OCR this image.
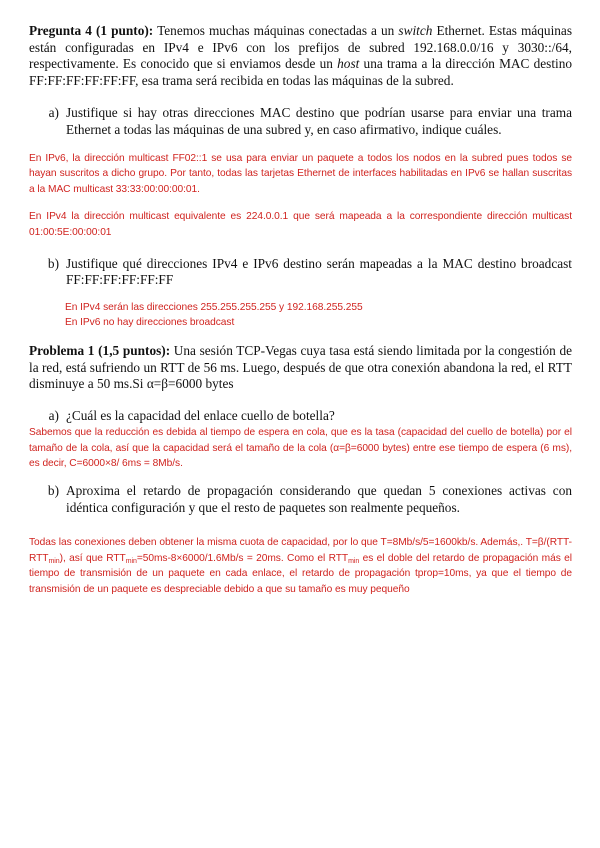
Pregunta 4 (1 punto): Tenemos muchas máquinas conectadas a un switch Ethernet. Estas máquinas están configuradas en IPv4 e IPv6 con los prefijos de subred 192.168.0.0/16 y 3030::/64, respectivamente. Es conocido que si enviamos desde un host una trama a la dirección MAC destino FF:FF:FF:FF:FF:FF, esa trama será recibida en todas las máquinas de la subred.

a) Justifique si hay otras direcciones MAC destino que podrían usarse para enviar una trama Ethernet a todas las máquinas de una subred y, en caso afirmativo, indique cuáles.

En IPv6, la dirección multicast FF02::1 se usa para enviar un paquete a todos los nodos en la subred pues todos se hayan suscritos a dicho grupo. Por tanto, todas las tarjetas Ethernet de interfaces habilitadas en IPv6 se hallan suscritas a la MAC multicast 33:33:00:00:00:01.

En IPv4 la dirección multicast equivalente es 224.0.0.1 que será mapeada a la correspondiente dirección multicast 01:00:5E:00:00:01

b) Justifique qué direcciones IPv4 e IPv6 destino serán mapeadas a la MAC destino broadcast FF:FF:FF:FF:FF:FF

En IPv4 serán las direcciones 255.255.255.255 y 192.168.255.255

En IPv6 no hay direcciones broadcast

Problema 1 (1,5 puntos): Una sesión TCP-Vegas cuya tasa está siendo limitada por la congestión de la red, está sufriendo un RTT de 56 ms. Luego, después de que otra conexión abandona la red, el RTT disminuye a 50 ms.Si α=β=6000 bytes

a) ¿Cuál es la capacidad del enlace cuello de botella?

Sabemos que la reducción es debida al tiempo de espera en cola, que es la tasa (capacidad del cuello de botella) por el tamaño de la cola, así que la capacidad será el tamaño de la cola (α=β=6000 bytes) entre ese tiempo de espera (6 ms), es decir, C=6000×8/ 6ms = 8Mb/s.

b) Aproxima el retardo de propagación considerando que quedan 5 conexiones activas con idéntica configuración y que el resto de paquetes son realmente pequeños.

Todas las conexiones deben obtener la misma cuota de capacidad, por lo que T=8Mb/s/5=1600kb/s. Además,. $T=\beta/(RTT-RTT_{min})$, así que $RTT_{min}=50ms-8\times 6000/1.6Mb/s = 20ms$. Como el $RTT_{min}$ es el doble del retardo de propagación más el tiempo de transmisión de un paquete en cada enlace, el retardo de propagación tprop=10ms, ya que el tiempo de transmisión de un paquete es despreciable debido a que su tamaño es muy pequeño
